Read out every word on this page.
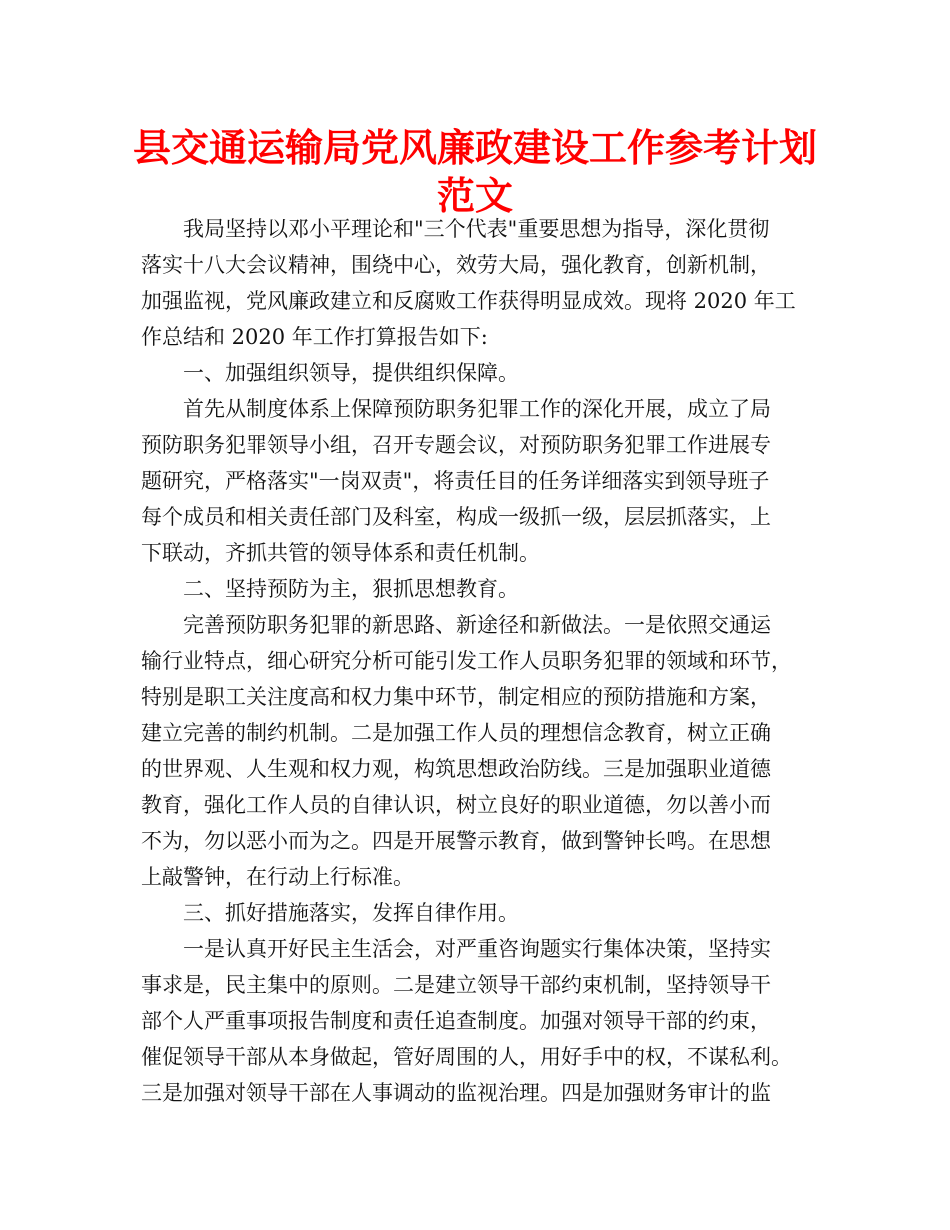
县交通运输局党风廉政建设工作参考计划
范文
我局坚持以邓小平理论和"三个代表"重要思想为指导，深化贯彻
落实十八大会议精神，围绕中心，效劳大局，强化教育，创新机制，
加强监视，党风廉政建立和反腐败工作获得明显成效。现将 2020 年工
作总结和 2020 年工作打算报告如下:
一、加强组织领导，提供组织保障。
首先从制度体系上保障预防职务犯罪工作的深化开展，成立了局
预防职务犯罪领导小组，召开专题会议，对预防职务犯罪工作进展专
题研究，严格落实"一岗双责"，将责任目的任务详细落实到领导班子
每个成员和相关责任部门及科室，构成一级抓一级，层层抓落实，上
下联动，齐抓共管的领导体系和责任机制。
二、坚持预防为主，狠抓思想教育。
完善预防职务犯罪的新思路、新途径和新做法。一是依照交通运
输行业特点，细心研究分析可能引发工作人员职务犯罪的领域和环节，
特别是职工关注度高和权力集中环节，制定相应的预防措施和方案，
建立完善的制约机制。二是加强工作人员的理想信念教育，树立正确
的世界观、人生观和权力观，构筑思想政治防线。三是加强职业道德
教育，强化工作人员的自律认识，树立良好的职业道德，勿以善小而
不为，勿以恶小而为之。四是开展警示教育，做到警钟长鸣。在思想
上敲警钟，在行动上行标准。
三、抓好措施落实，发挥自律作用。
一是认真开好民主生活会，对严重咨询题实行集体决策，坚持实
事求是，民主集中的原则。二是建立领导干部约束机制，坚持领导干
部个人严重事项报告制度和责任追查制度。加强对领导干部的约束，
催促领导干部从本身做起，管好周围的人，用好手中的权，不谋私利。
三是加强对领导干部在人事调动的监视治理。四是加强财务审计的监
